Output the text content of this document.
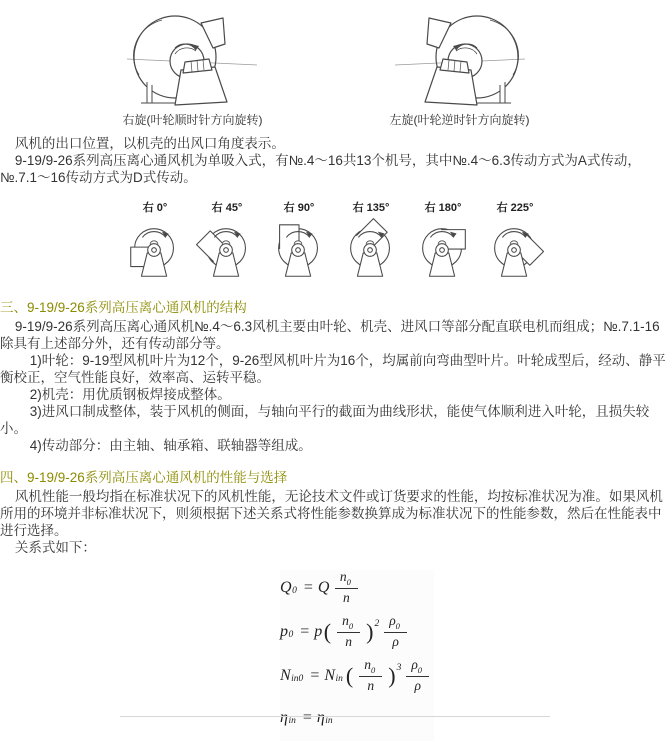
右旋(叶轮顺时针方向旋转)	左旋(叶轮逆时针方向旋转)

风机的出口位置，以机壳的出风口角度表示。

9-19/9-26系列高压离心通风机为单吸入式，有№.4～16共13个机号，其中№.4～6.3传动方式为A式传动，№.7.1～16传动方式为D式传动。

右 0°	右 45°	右 90°	右 135°	右 180°	右 225°
三、9-19/9-26系列高压离心通风机的结构

9-19/9-26系列高压离心通风机№.4～6.3风机主要由叶轮、机壳、进风口等部分配直联电机而组成；№.7.1-16除具有上述部分外，还有传动部分等。

1)叶轮：9-19型风机叶片为12个，9-26型风机叶片为16个，均属前向弯曲型叶片。叶轮成型后，经动、静平衡校正，空气性能良好，效率高、运转平稳。

2)机壳：用优质钢板焊接成整体。

3)进风口制成整体，装于风机的侧面，与轴向平行的截面为曲线形状，能使气体顺利进入叶轮，且损失较小。

4)传动部分：由主轴、轴承箱、联轴器等组成。

四、9-19/9-26系列高压离心通风机的性能与选择

风机性能一般均指在标准状况下的风机性能，无论技术文件或订货要求的性能，均按标准状况为准。如果风机所用的环境并非标准状况下，则须根据下述关系式将性能参数换算成为标准状况下的性能参数，然后在性能表中进行选择。

关系式如下：

$Q_0 = Q \frac{n_0}{n}$
$p_0 = p$ ( $\frac{n_0}{n} )^2 \frac{\rho_0}{\rho}$
$N_{in0} = N_{in}$ ( $\frac{n_0}{n} )^3 \frac{\rho_0}{\rho}$
$\eta_{in} = \eta_{in}$
